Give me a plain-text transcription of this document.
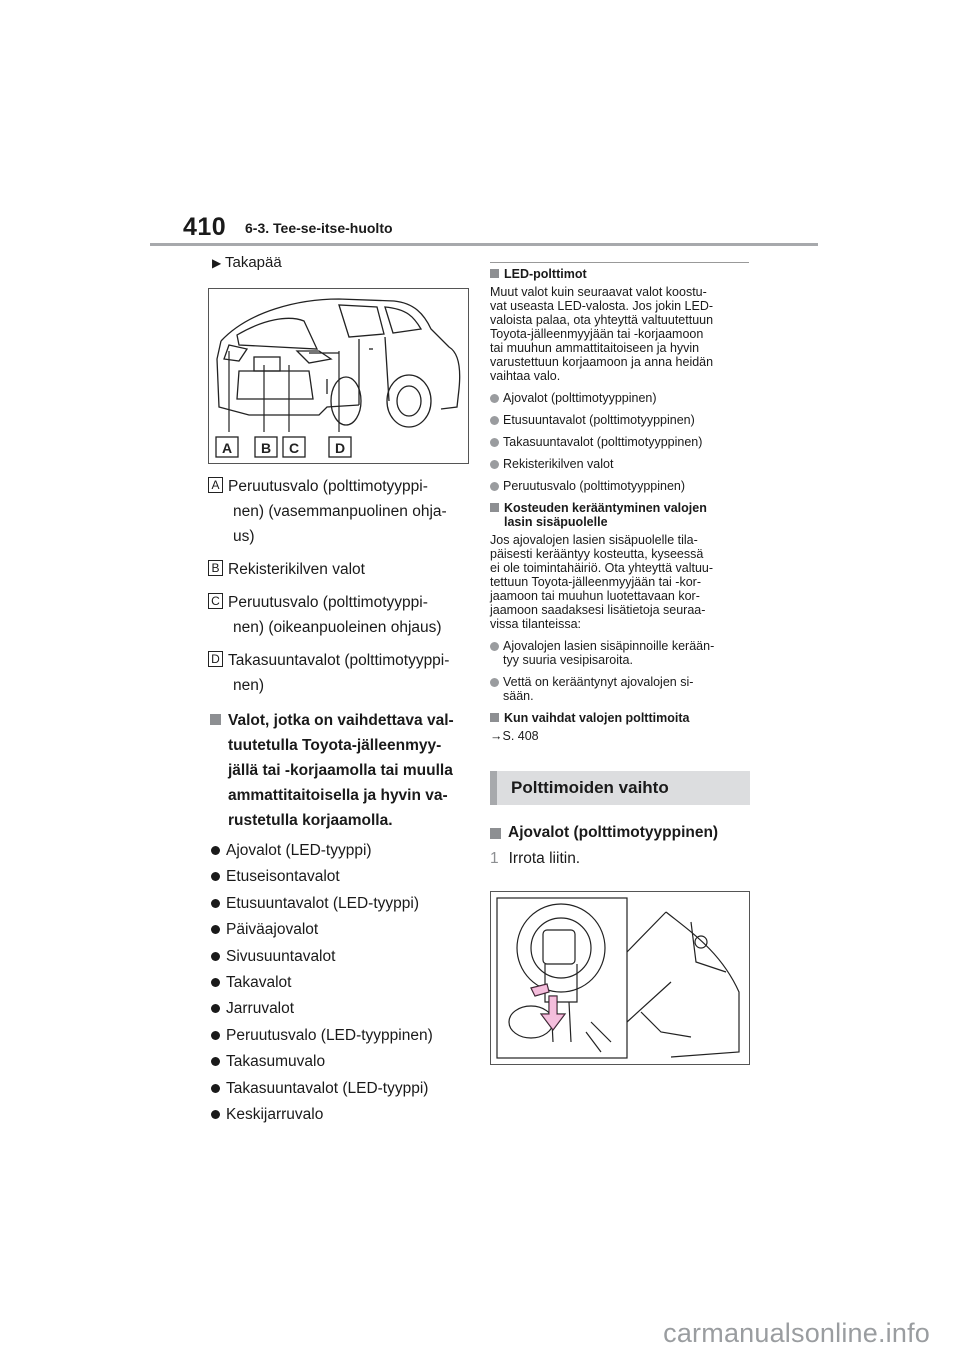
410 6-3. Tee-se-itse-huolto
▶ Takapää
A B C	D
A Peruutusvalo (polttimotyyppi-
nen) (vasemmanpuolinen ohja-
us)
B Rekisterikilven valot
C Peruutusvalo (polttimotyyppi-
nen) (oikeanpuoleinen ohjaus)
D Takasuuntavalot (polttimotyyppi-
nen)
Valot, jotka on vaihdettava val-
tuutetulla Toyota-jälleenmyy-
jällä tai -korjaamolla tai muulla
ammattitaitoisella ja hyvin va-
rustetulla korjaamolla.
Ajovalot (LED-tyyppi)
Etuseisontavalot
Etusuuntavalot (LED-tyyppi)
Päiväajovalot
Sivusuuntavalot
Takavalot
Jarruvalot
Peruutusvalo (LED-tyyppinen)
Takasumuvalo
Takasuuntavalot (LED-tyyppi)
Keskijarruvalo
LED-polttimot
Muut valot kuin seuraavat valot koostu-
vat useasta LED-valosta. Jos jokin LED-
valoista palaa, ota yhteyttä valtuutettuun
Toyota-jälleenmyyjään tai -korjaamoon
tai muuhun ammattitaitoiseen ja hyvin
varustettuun korjaamoon ja anna heidän
vaihtaa valo.
Ajovalot (polttimotyyppinen)
Etusuuntavalot (polttimotyyppinen)
Takasuuntavalot (polttimotyyppinen)
Rekisterikilven valot
Peruutusvalo (polttimotyyppinen)
Kosteuden kerääntyminen valojen
lasin sisäpuolelle
Jos ajovalojen lasien sisäpuolelle tila-
päisesti kerääntyy kosteutta, kyseessä
ei ole toimintahäiriö. Ota yhteyttä valtuu-
tettuun Toyota-jälleenmyyjään tai -kor-
jaamoon tai muuhun luotettavaan kor-
jaamoon saadaksesi lisätietoja seuraa-
vissa tilanteissa:
Ajovalojen lasien sisäpinnoille kerään-
tyy suuria vesipisaroita.
Vettä on kerääntynyt ajovalojen si-
sään.
Kun vaihdat valojen polttimoita
→S. 408
Polttimoiden vaihto
Ajovalot (polttimotyyppinen)
1 Irrota liitin.
carmanualsonline.info
